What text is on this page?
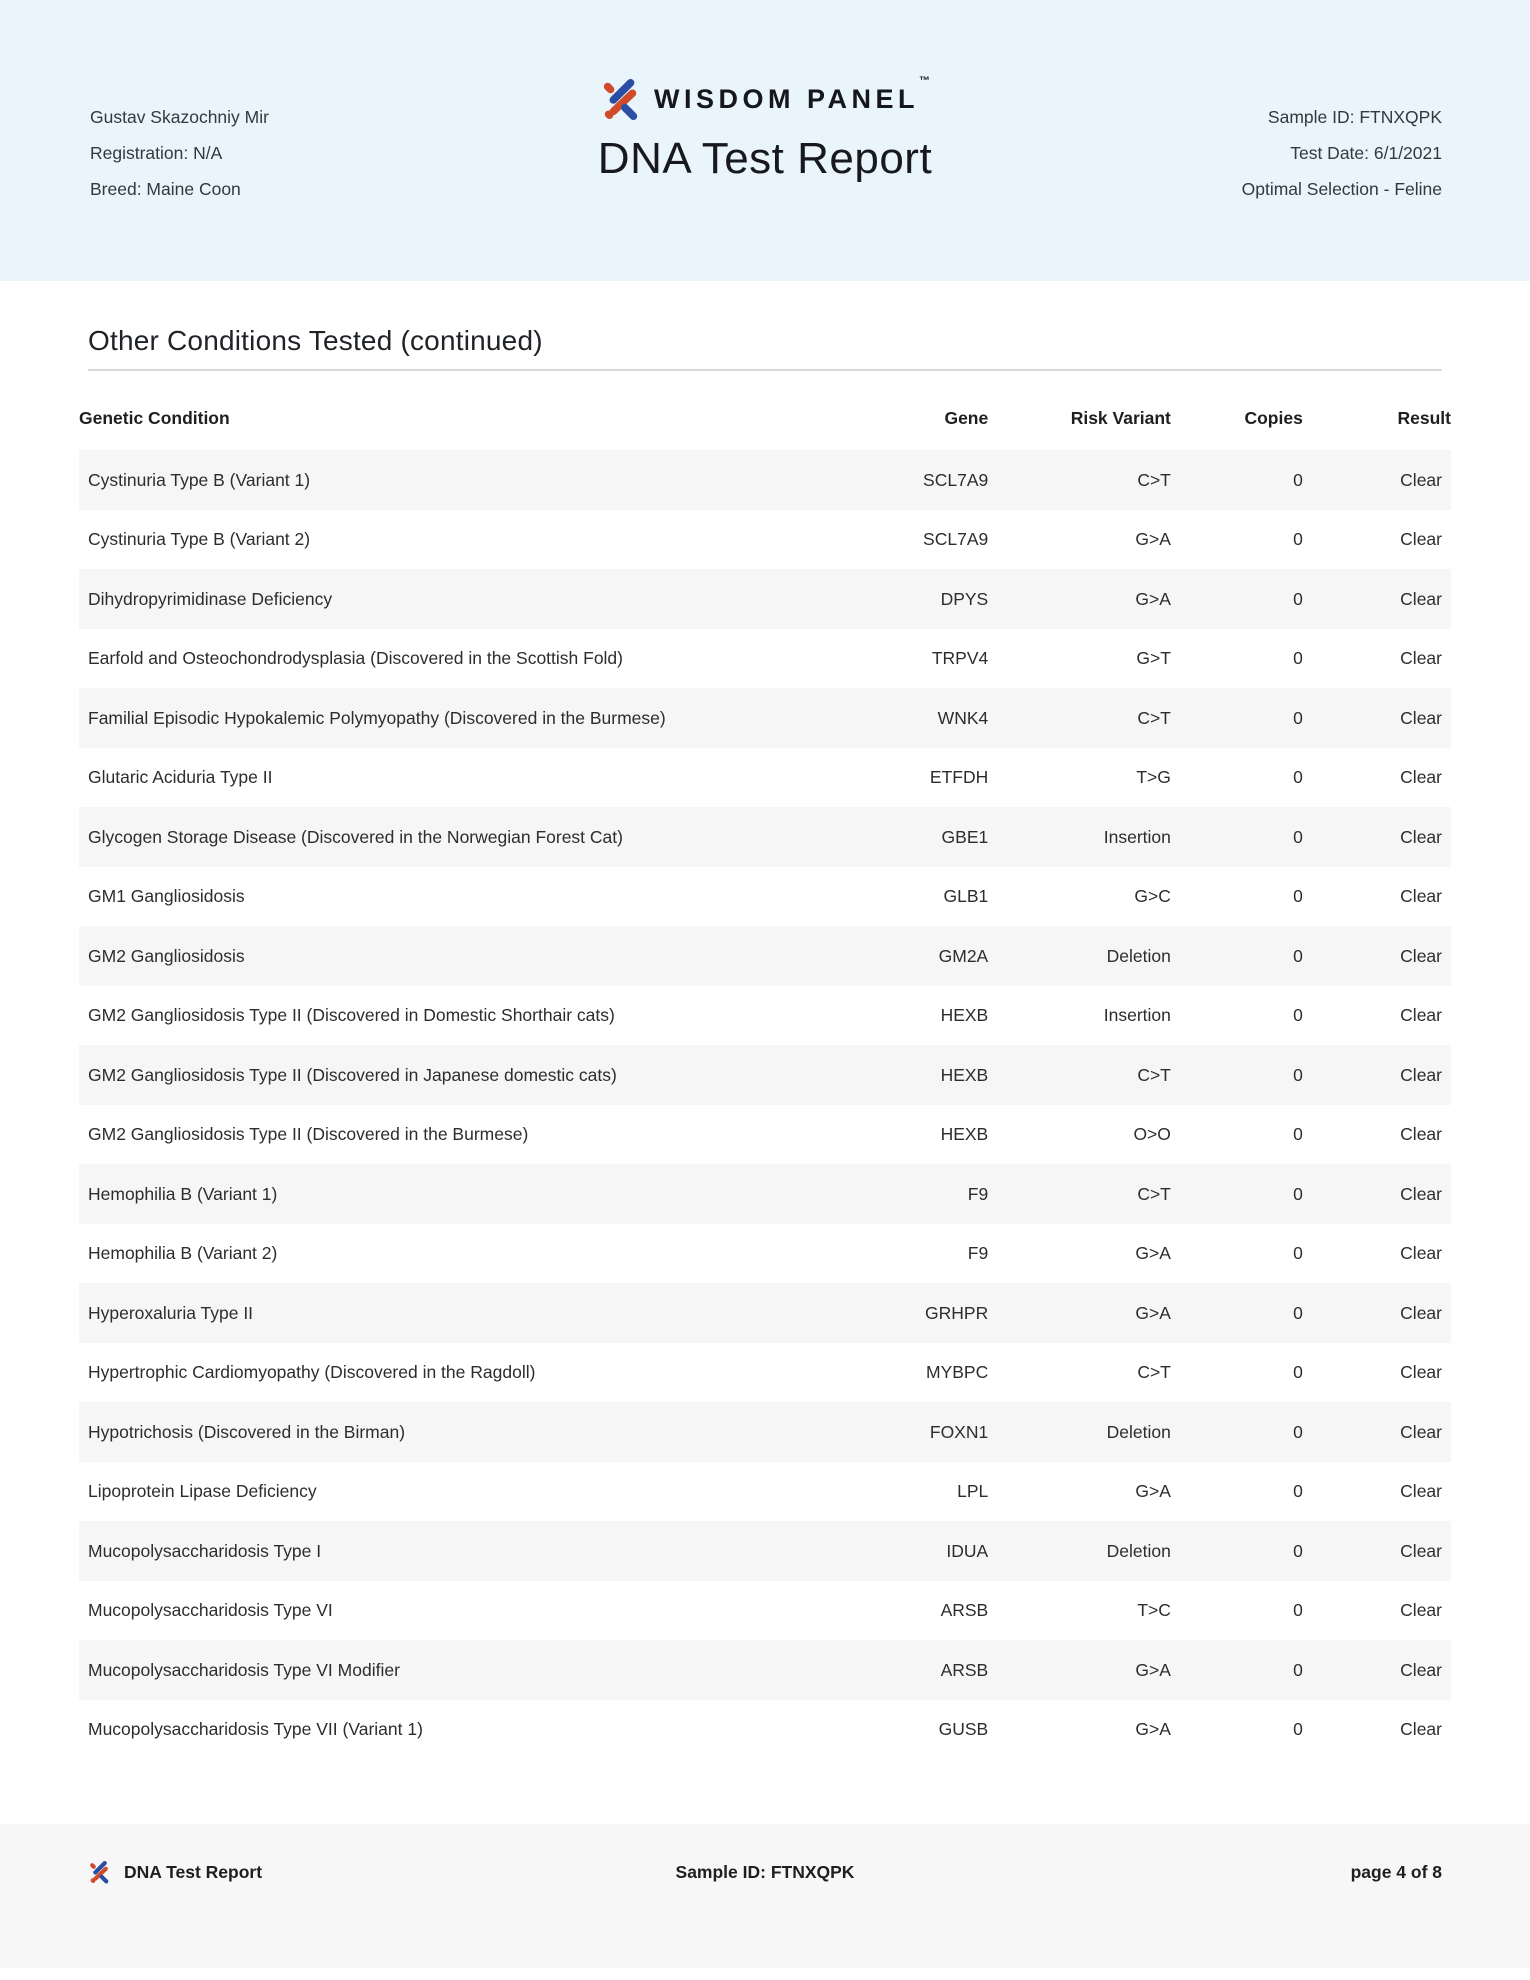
Gustav Skazochniy Mir
Registration: N/A
Breed: Maine Coon
WISDOM PANEL™
DNA Test Report
Sample ID: FTNXQPK
Test Date: 6/1/2021
Optimal Selection - Feline
Other Conditions Tested (continued)
Genetic Condition	Gene	Risk Variant	Copies	Result
Cystinuria Type B (Variant 1)	SCL7A9	C>T	0	Clear
Cystinuria Type B (Variant 2)	SCL7A9	G>A	0	Clear
Dihydropyrimidinase Deficiency	DPYS	G>A	0	Clear
Earfold and Osteochondrodysplasia (Discovered in the Scottish Fold)	TRPV4	G>T	0	Clear
Familial Episodic Hypokalemic Polymyopathy (Discovered in the Burmese)	WNK4	C>T	0	Clear
Glutaric Aciduria Type II	ETFDH	T>G	0	Clear
Glycogen Storage Disease (Discovered in the Norwegian Forest Cat)	GBE1	Insertion	0	Clear
GM1 Gangliosidosis	GLB1	G>C	0	Clear
GM2 Gangliosidosis	GM2A	Deletion	0	Clear
GM2 Gangliosidosis Type II (Discovered in Domestic Shorthair cats)	HEXB	Insertion	0	Clear
GM2 Gangliosidosis Type II (Discovered in Japanese domestic cats)	HEXB	C>T	0	Clear
GM2 Gangliosidosis Type II (Discovered in the Burmese)	HEXB	O>O	0	Clear
Hemophilia B (Variant 1)	F9	C>T	0	Clear
Hemophilia B (Variant 2)	F9	G>A	0	Clear
Hyperoxaluria Type II	GRHPR	G>A	0	Clear
Hypertrophic Cardiomyopathy (Discovered in the Ragdoll)	MYBPC	C>T	0	Clear
Hypotrichosis (Discovered in the Birman)	FOXN1	Deletion	0	Clear
Lipoprotein Lipase Deficiency	LPL	G>A	0	Clear
Mucopolysaccharidosis Type I	IDUA	Deletion	0	Clear
Mucopolysaccharidosis Type VI	ARSB	T>C	0	Clear
Mucopolysaccharidosis Type VI Modifier	ARSB	G>A	0	Clear
Mucopolysaccharidosis Type VII (Variant 1)	GUSB	G>A	0	Clear
DNA Test Report	Sample ID: FTNXQPK	page 4 of 8
